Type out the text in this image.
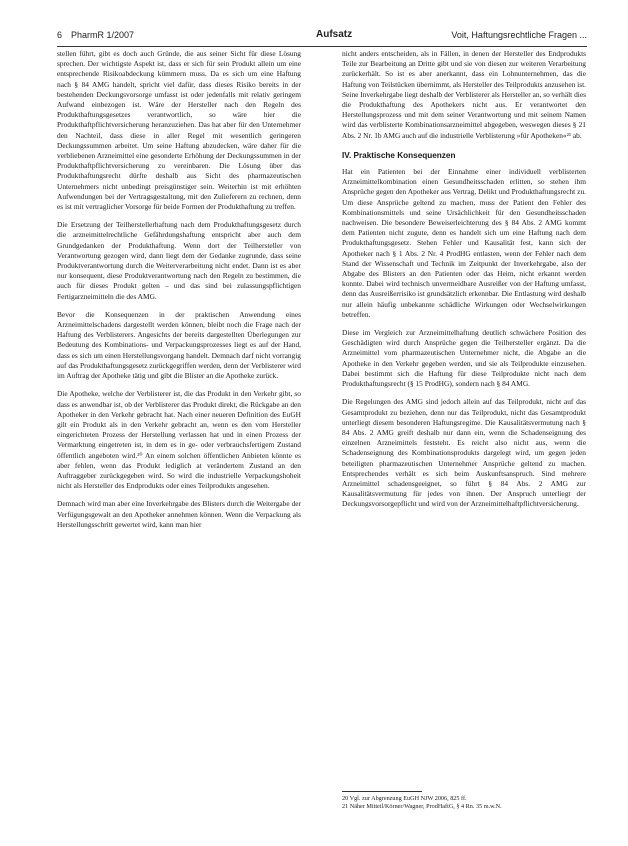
6 PharmR 1/2007	Aufsatz	Voit, Haftungsrechtliche Fragen ...

stellen führt, gibt es doch auch Gründe, die aus seiner Sicht für diese Lösung sprechen. Der wichtigste Aspekt ist, dass er sich für sein Produkt allein um eine entsprechende Risikoabdeckung kümmern muss. Da es sich um eine Haftung nach § 84 AMG handelt, spricht viel dafür, dass dieses Risiko bereits in der bestehenden Deckungsvorsorge umfasst ist oder jedenfalls mit relativ geringem Aufwand einbezogen ist. Wäre der Hersteller nach den Regeln des Produkthaftungsgesetzes verantwortlich, so wäre hier die Produkthaftpflichtversicherung heranzuziehen. Das hat aber für den Unternehmer den Nachteil, dass diese in aller Regel mit wesentlich geringeren Deckungssummen arbeitet. Um seine Haftung abzudecken, wäre daher für die verbliebenen Arzneimittel eine gesonderte Erhöhung der Deckungssummen in der Produkthaftpflichtversicherung zu vereinbaren. Die Lösung über das Produkthaftungsrecht dürfte deshalb aus Sicht des pharmazeutischen Unternehmers nicht unbedingt preisgünstiger sein. Weiterhin ist mit erhöhten Aufwendungen bei der Vertragsgestaltung, mit den Zulieferern zu rechnen, denn es ist mit vertraglicher Vorsorge für beide Formen der Produkthaftung zu treffen.

Die Ersetzung der Teilherstellerhaftung nach dem Produkthaftungsgesetz durch die arzneimittelrechtliche Gefährdungshaftung entspricht aber auch dem Grundgedanken der Produkthaftung. Wenn dort der Teilhersteller von Verantwortung gezogen wird, dann liegt dem der Gedanke zugrunde, dass seine Produktverantwortung durch die Weiterverarbeitung nicht endet. Dann ist es aber nur konsequent, diese Produktverantwortung nach den Regeln zu bestimmen, die auch für dieses Produkt gelten – und das sind bei zulassungspflichtigen Fertigarzneimitteln die des AMG.

Bevor die Konsequenzen in der praktischen Anwendung eines Arzneimittelschadens dargestellt werden können, bleibt noch die Frage nach der Haftung des Verblisterers. Angesichts der bereits dargestellten Überlegungen zur Bedeutung des Kombinations- und Verpackungsprozesses liegt es auf der Hand, dass es sich um einen Herstellungsvorgang handelt. Demnach darf nicht vorrangig auf das Produkthaftungsgesetz zurückgegriffen werden, denn der Verblisterer wird im Auftrag der Apotheke tätig und gibt die Blister an die Apotheke zurück.

Die Apotheke, welche der Verblisterer ist, die das Produkt in den Verkehr gibt, so dass es anwendbar ist, ob der Verblisterer das Produkt direkt, die Rückgabe an den Apotheker in den Verkehr gebracht hat. Nach einer neueren Definition des EuGH gilt ein Produkt als in den Verkehr gebracht an, wenn es den vom Hersteller eingerichteten Prozess der Herstellung verlassen hat und in einen Prozess der Vermarktung eingetreten ist, in dem es in ge- oder verbrauchsfertigem Zustand öffentlich angeboten wird.²⁰ An einem solchen öffentlichen Anbieten könnte es aber fehlen, wenn das Produkt lediglich at verändertem Zustand an den Auftraggeber zurückgegeben wird. So wird die industrielle Verpackungshoheit nicht als Hersteller des Endprodukts oder eines Teilprodukts angesehen.

Demnach wird man aber eine Inverkehrgabe des Blisters durch die Weitergabe der Verfügungsgewalt an den Apotheker annehmen können. Wenn die Verpackung als Herstellungsschritt gewertet wird, kann man hier

nicht anders entscheiden, als in Fällen, in denen der Hersteller des Endprodukts Teile zur Bearbeitung an Dritte gibt und sie von diesen zur weiteren Verarbeitung zurückerhält. So ist es aber anerkannt, dass ein Lohnunternehmen, das die Haftung von Teilstücken übernimmt, als Hersteller des Teilprodukts anzusehen ist. Seine Inverkehrgabe liegt deshalb der Verblisterer als Hersteller an, so verhält dies die Produkthaftung des Apothekers nicht aus. Er verantwortet den Herstellungsprozess und mit dem seiner Verantwortung und mit seinem Namen wird das verblisterte Kombinationsarzneimittel abgegeben, weswegen dieses § 21 Abs. 2 Nr. 1b AMG auch auf die industrielle Verblisterung »für Apotheken«²¹ ab.

IV. Praktische Konsequenzen

Hat ein Patienten bei der Einnahme einer individuell verblisterten Arzneimittelkombination einen Gesundheitsschaden erlitten, so stehen ihm Ansprüche gegen den Apotheker aus Vertrag, Delikt und Produkthaftungsrecht zu. Um diese Ansprüche geltend zu machen, muss der Patient den Fehler des Kombinationsmittels und seine Ursächlichkeit für den Gesundheitsschaden nachweisen. Die besondere Beweiserleichterung des § 84 Abs. 2 AMG kommt dem Patienten nicht zugute, denn es handelt sich um eine Haftung nach dem Produkthaftungsgesetz. Stehen Fehler und Kausalität fest, kann sich der Apotheker nach § 1 Abs. 2 Nr. 4 ProdHG entlasten, wenn der Fehler nach dem Stand der Wissenschaft und Technik im Zeitpunkt der Inverkehrgabe, also der Abgabe des Blisters an den Patienten oder das Heim, nicht erkannt werden konnte. Dabei wird technisch unvermeidbare Ausreißer von der Haftung umfasst, denn das Ausreißerrisiko ist grundsätzlich erkennbar. Die Entlastung wird deshalb nur allein häufig unbekannte schädliche Wirkungen oder Wechselwirkungen betreffen.

Diese im Vergleich zur Arzneimittelhaftung deutlich schwächere Position des Geschädigten wird durch Ansprüche gegen die Teilhersteller ergänzt. Da die Arzneimittel vom pharmazeutischen Unternehmer nicht, die Abgabe an die Apotheke in den Verkehr gegeben werden, und sie als Teilprodukte einzusehen. Dabei bestimmt sich die Haftung für diese Teilprodukte nicht nach dem Produkthaftungsrecht (§ 15 ProdHG), sondern nach § 84 AMG.

Die Regelungen des AMG sind jedoch allein auf das Teilprodukt, nicht auf das Gesamtprodukt zu beziehen, denn nur das Teilprodukt, nicht das Gesamtprodukt unterliegt diesem besonderen Haftungsregime. Die Kausalitätsvermutung nach § 84 Abs. 2 AMG greift deshalb nur dann ein, wenn die Schadenseignung des einzelnen Arzneimittels feststeht. Es reicht also nicht aus, wenn die Schadenseignung des Kombinationsprodukts dargelegt wird, um gegen jeden beteiligten pharmazeutischen Unternehmer Ansprüche geltend zu machen. Entsprechendes verhält es sich beim Auskunftsanspruch. Sind mehrere Arzneimittel schadensgeeignet, so führt § 84 Abs. 2 AMG zur Kausalitätsvermutung für jedes von ihnen. Der Anspruch unterliegt der Deckungsvorsorgepflicht und wird von der Arzneimittelhaftpflichtversicherung.

20 Vgl. zur Abgrenzung EuGH NJW 2006, 825 ff.
21 Näher Mitteil/Körner/Wagner, ProdHaftG, § 4 Rn. 35 m.w.N.
